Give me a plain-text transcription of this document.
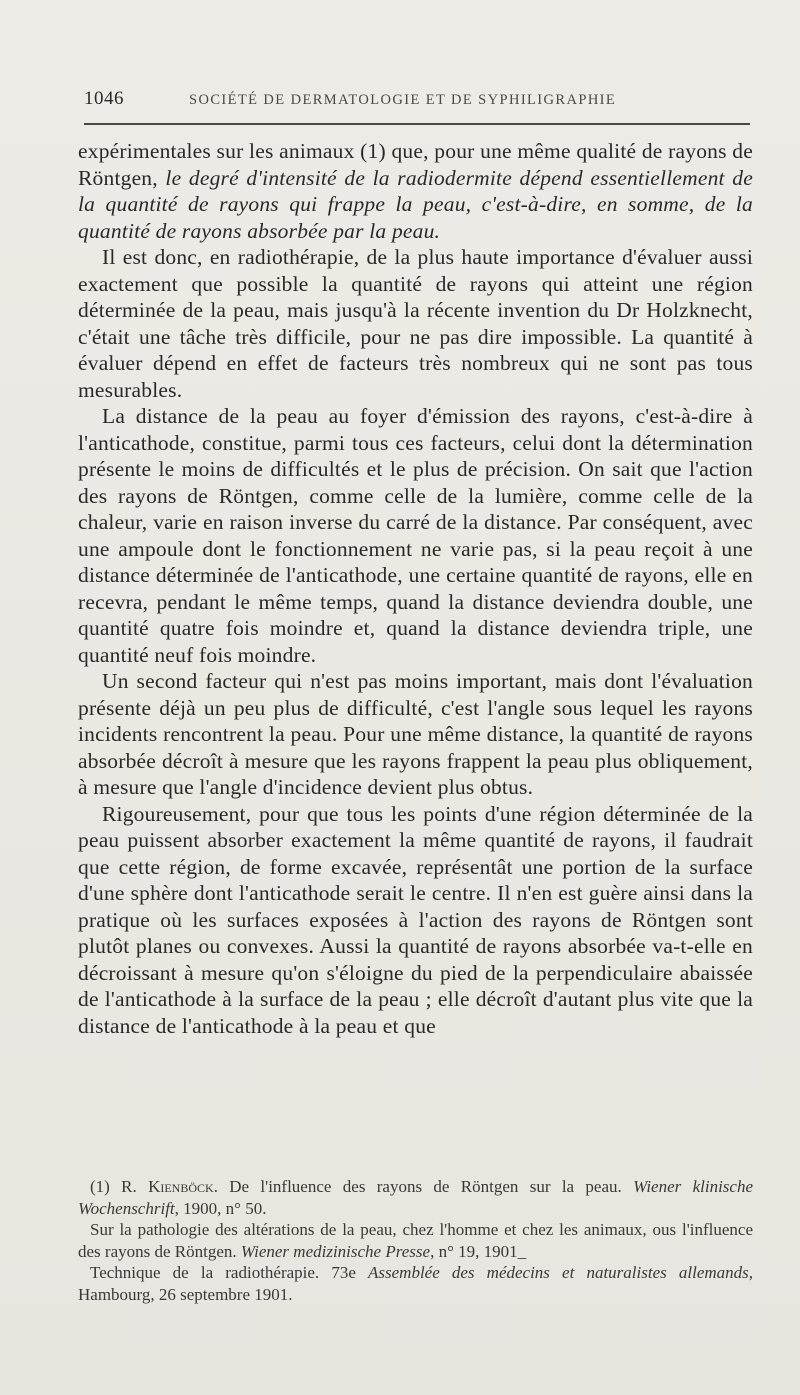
1046	SOCIÉTÉ DE DERMATOLOGIE ET DE SYPHILIGRAPHIE

expérimentales sur les animaux (1) que, pour une même qualité de rayons de Röntgen, le degré d'intensité de la radiodermite dépend essentiellement de la quantité de rayons qui frappe la peau, c'est-à-dire, en somme, de la quantité de rayons absorbée par la peau.

Il est donc, en radiothérapie, de la plus haute importance d'évaluer aussi exactement que possible la quantité de rayons qui atteint une région déterminée de la peau, mais jusqu'à la récente invention du Dr Holzknecht, c'était une tâche très difficile, pour ne pas dire impossible. La quantité à évaluer dépend en effet de facteurs très nombreux qui ne sont pas tous mesurables.

La distance de la peau au foyer d'émission des rayons, c'est-à-dire à l'anticathode, constitue, parmi tous ces facteurs, celui dont la détermination présente le moins de difficultés et le plus de précision. On sait que l'action des rayons de Röntgen, comme celle de la lumière, comme celle de la chaleur, varie en raison inverse du carré de la distance. Par conséquent, avec une ampoule dont le fonctionnement ne varie pas, si la peau reçoit à une distance déterminée de l'anticathode, une certaine quantité de rayons, elle en recevra, pendant le même temps, quand la distance deviendra double, une quantité quatre fois moindre et, quand la distance deviendra triple, une quantité neuf fois moindre.

Un second facteur qui n'est pas moins important, mais dont l'évaluation présente déjà un peu plus de difficulté, c'est l'angle sous lequel les rayons incidents rencontrent la peau. Pour une même distance, la quantité de rayons absorbée décroît à mesure que les rayons frappent la peau plus obliquement, à mesure que l'angle d'incidence devient plus obtus.

Rigoureusement, pour que tous les points d'une région déterminée de la peau puissent absorber exactement la même quantité de rayons, il faudrait que cette région, de forme excavée, représentât une portion de la surface d'une sphère dont l'anticathode serait le centre. Il n'en est guère ainsi dans la pratique où les surfaces exposées à l'action des rayons de Röntgen sont plutôt planes ou convexes. Aussi la quantité de rayons absorbée va-t-elle en décroissant à mesure qu'on s'éloigne du pied de la perpendiculaire abaissée de l'anticathode à la surface de la peau ; elle décroît d'autant plus vite que la distance de l'anticathode à la peau et que

(1) R. Kienböck. De l'influence des rayons de Röntgen sur la peau. Wiener klinische Wochenschrift, 1900, n° 50.

Sur la pathologie des altérations de la peau, chez l'homme et chez les animaux, ous l'influence des rayons de Röntgen. Wiener medizinische Presse, n° 19, 1901_

Technique de la radiothérapie. 73e Assemblée des médecins et naturalistes allemands, Hambourg, 26 septembre 1901.
